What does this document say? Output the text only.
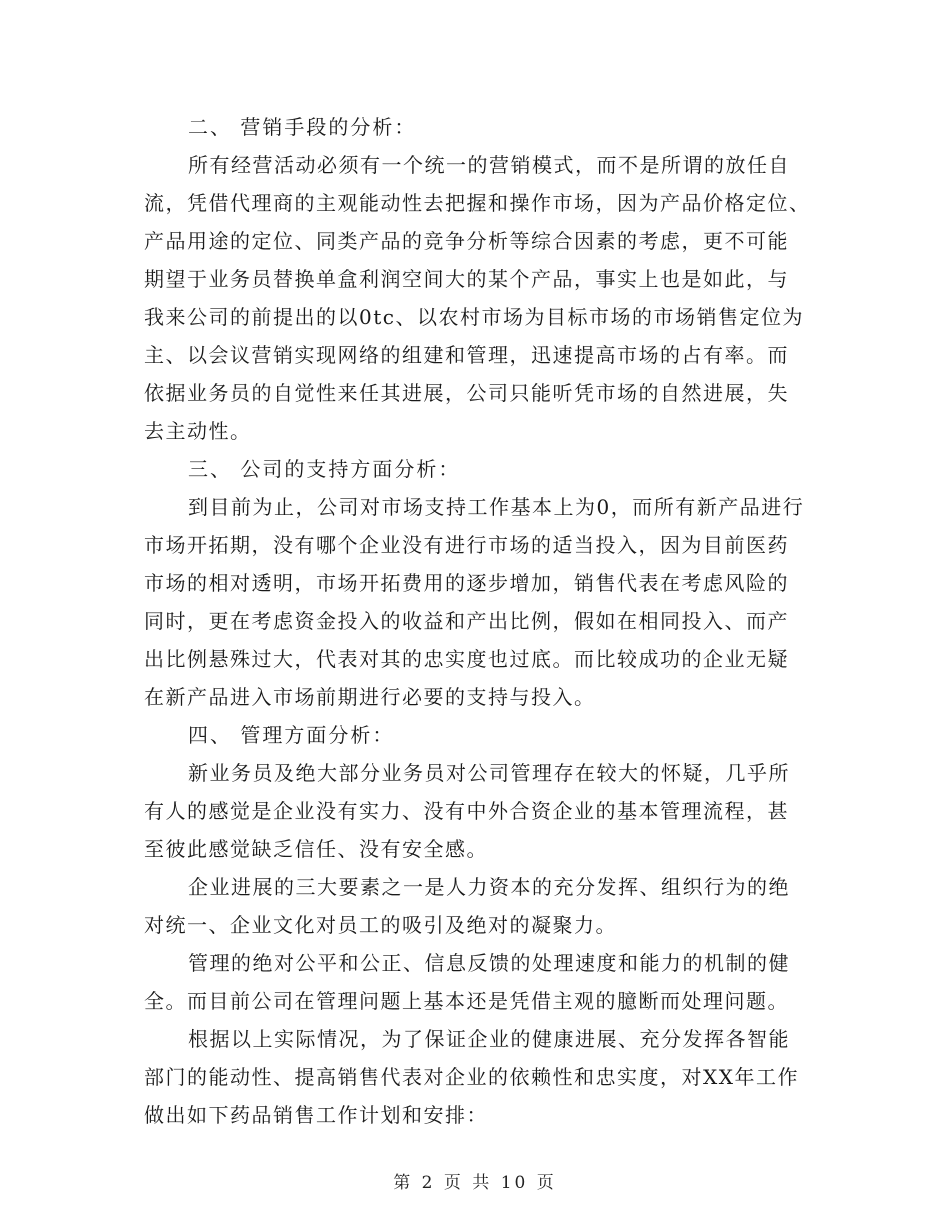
二、 营销手段的分析：
所有经营活动必须有一个统一的营销模式，而不是所谓的放任自
流，凭借代理商的主观能动性去把握和操作市场，因为产品价格定位、
产品用途的定位、同类产品的竞争分析等综合因素的考虑，更不可能
期望于业务员替换单盒利润空间大的某个产品，事实上也是如此，与
我来公司的前提出的以0tc、以农村市场为目标市场的市场销售定位为
主、以会议营销实现网络的组建和管理，迅速提高市场的占有率。而
依据业务员的自觉性来任其进展，公司只能听凭市场的自然进展，失
去主动性。
三、 公司的支持方面分析：
到目前为止，公司对市场支持工作基本上为0，而所有新产品进行
市场开拓期，没有哪个企业没有进行市场的适当投入，因为目前医药
市场的相对透明，市场开拓费用的逐步增加，销售代表在考虑风险的
同时，更在考虑资金投入的收益和产出比例，假如在相同投入、而产
出比例悬殊过大，代表对其的忠实度也过底。而比较成功的企业无疑
在新产品进入市场前期进行必要的支持与投入。
四、 管理方面分析：
新业务员及绝大部分业务员对公司管理存在较大的怀疑，几乎所
有人的感觉是企业没有实力、没有中外合资企业的基本管理流程，甚
至彼此感觉缺乏信任、没有安全感。
企业进展的三大要素之一是人力资本的充分发挥、组织行为的绝
对统一、企业文化对员工的吸引及绝对的凝聚力。
管理的绝对公平和公正、信息反馈的处理速度和能力的机制的健
全。而目前公司在管理问题上基本还是凭借主观的臆断而处理问题。
根据以上实际情况，为了保证企业的健康进展、充分发挥各智能
部门的能动性、提高销售代表对企业的依赖性和忠实度，对XX年工作
做出如下药品销售工作计划和安排：
第 2 页 共 10 页
